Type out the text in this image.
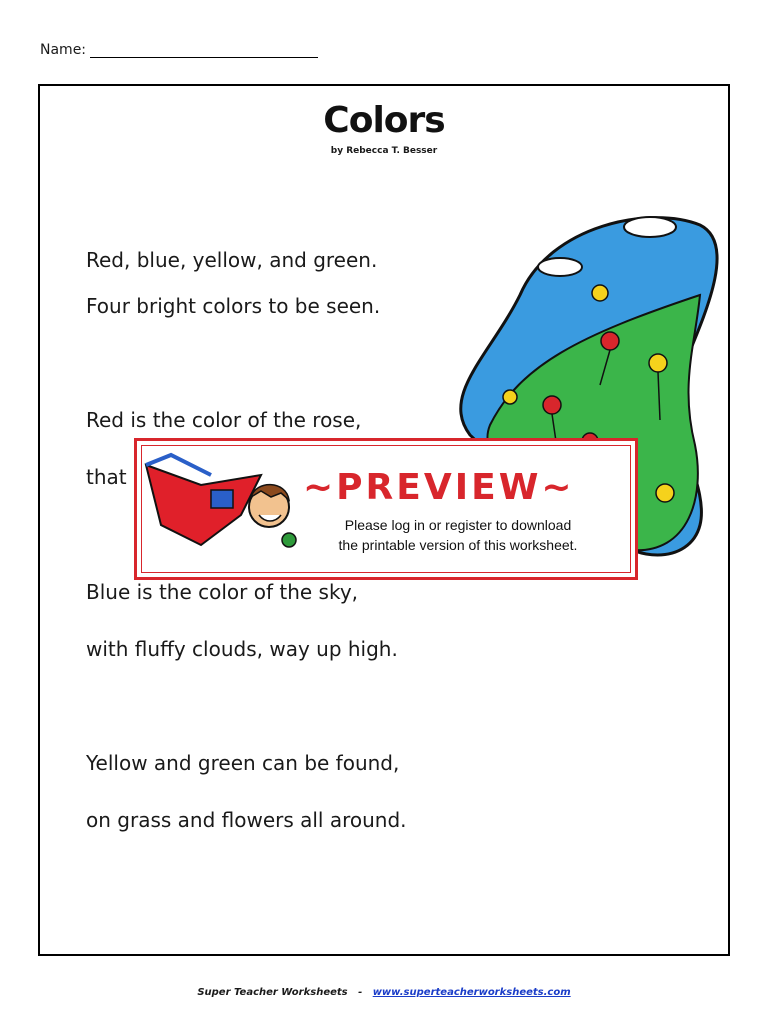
Name:
Colors
by Rebecca T. Besser
Red, blue, yellow, and green.
Four bright colors to be seen.
Red is the color of the rose,
that
Blue is the color of the sky,
with fluffy clouds, way up high.
Yellow and green can be found,
on grass and flowers all around.
~PREVIEW~
Please log in or register to download
the printable version of this worksheet.
Super Teacher Worksheets - www.superteacherworksheets.com
